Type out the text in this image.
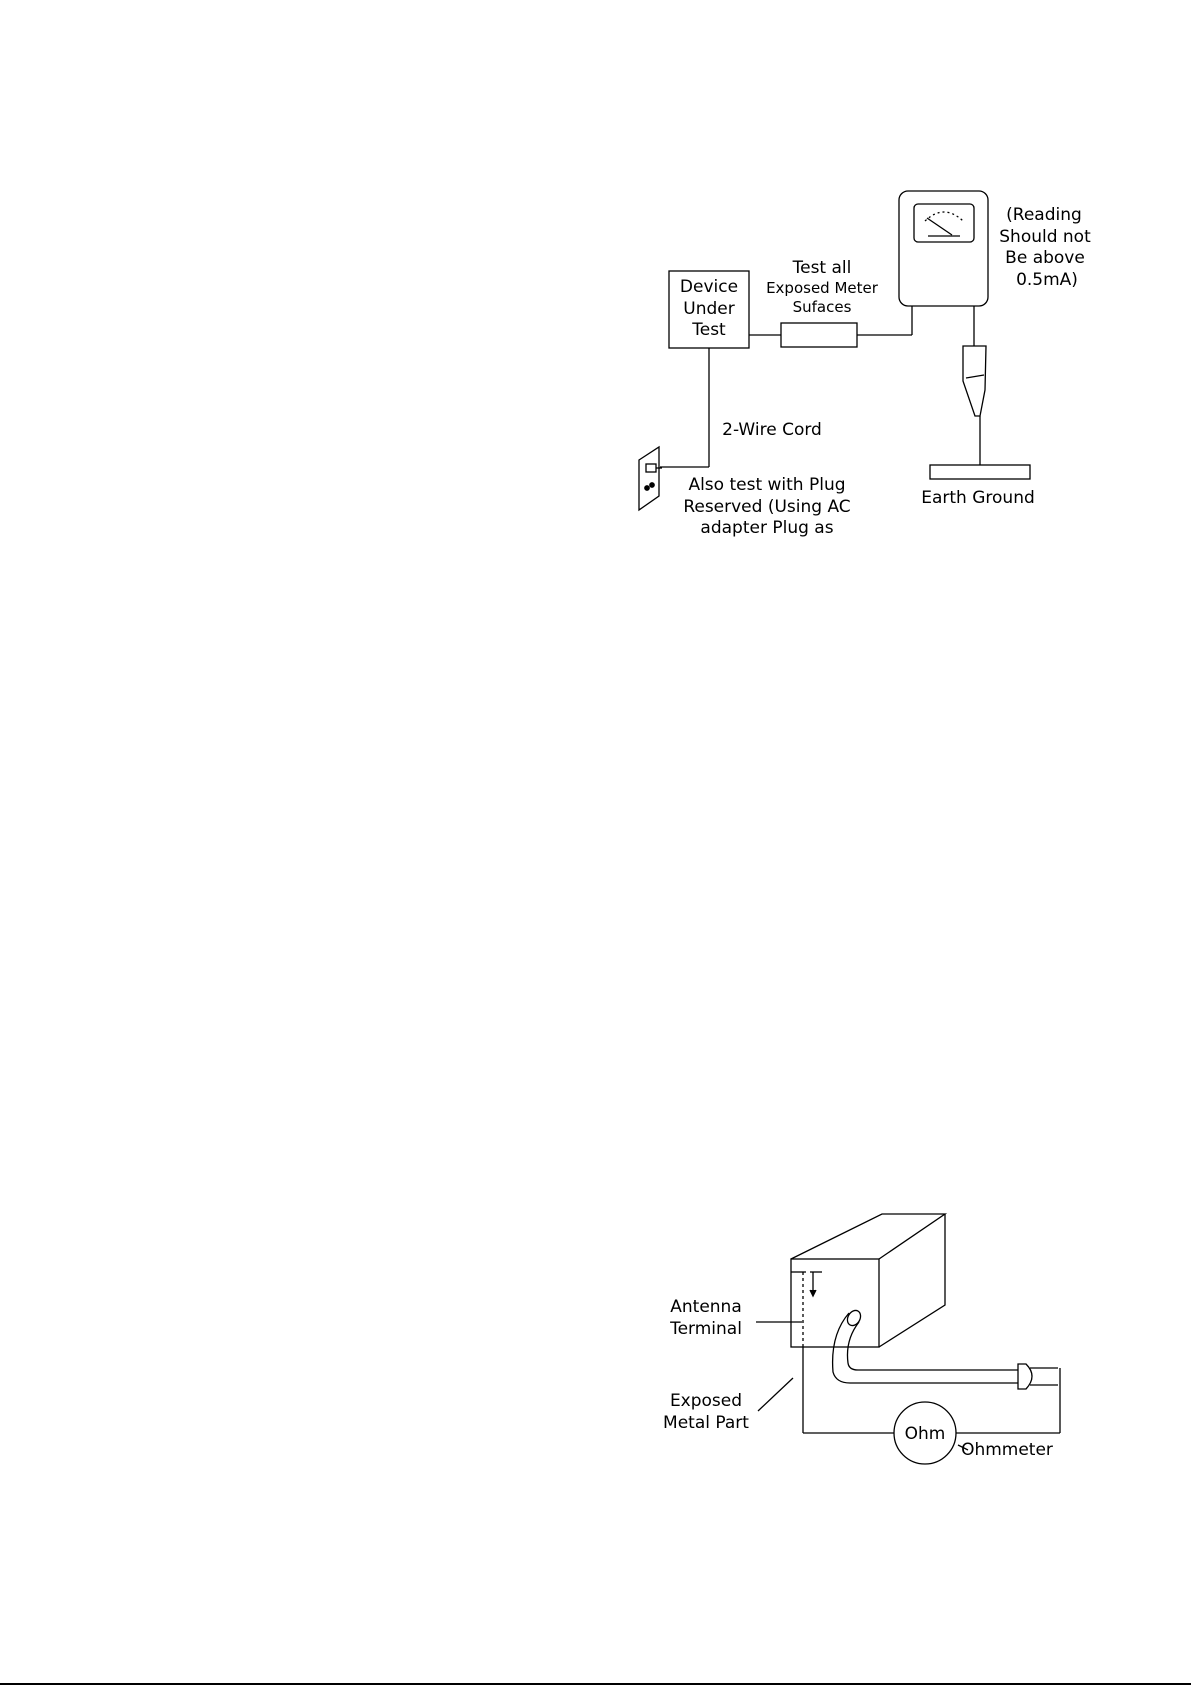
Device
Under
Test
Test all
Exposed Meter
Sufaces
(Reading
Should not
Be above
0.5mA)
Earth Ground
2-Wire Cord
Also test with Plug
Reserved (Using AC
adapter Plug as
Ohm
Ohmmeter
Antenna
Terminal
Exposed
Metal Part
